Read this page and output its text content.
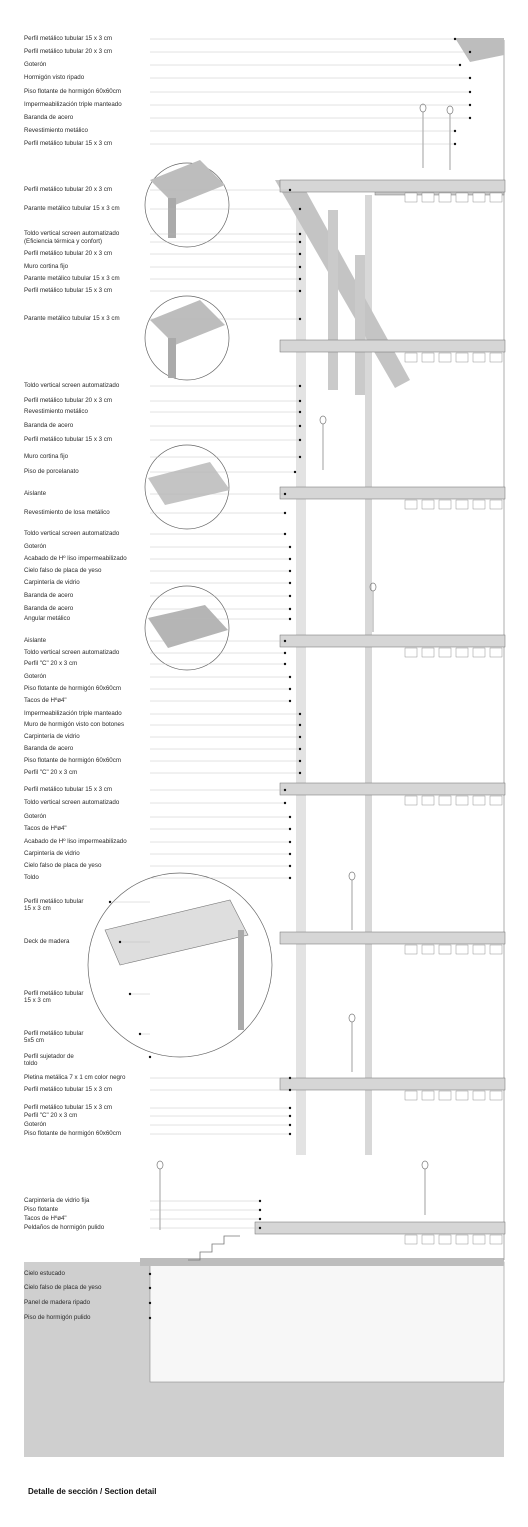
Perfil metálico tubular 15 x 3 cm
Perfil metálico tubular 20 x 3 cm
Goterón
Hormigón visto ripado
Piso flotante de hormigón 60x60cm
Impermeabilización triple manteado
Baranda de acero
Revestimiento metálico
Perfil metálico tubular 15 x 3 cm
Perfil metálico tubular 20 x 3 cm
Parante metálico tubular 15 x 3 cm
Toldo vertical screen automatizado
(Eficiencia térmica y confort)
Perfil metálico tubular 20 x 3 cm
Muro cortina fijo
Parante metálico tubular 15 x 3 cm
Perfil metálico tubular 15 x 3 cm
Parante metálico tubular 15 x 3 cm
Toldo vertical screen automatizado
Perfil metálico tubular 20 x 3 cm
Revestimiento metálico
Baranda de acero
Perfil metálico tubular 15 x 3 cm
Muro cortina fijo
Piso de porcelanato
Aislante
Revestimiento de losa metálico
Toldo vertical screen automatizado
Goterón
Acabado de Hº liso impermeabilizado
Cielo falso de placa de yeso
Carpintería de vidrio
Baranda de acero
Baranda de acero
Angular metálico
Aislante
Toldo vertical screen automatizado
Perfil "C" 20 x 3 cm
Goterón
Piso flotante de hormigón 60x60cm
Tacos de Hºø4"
Impermeabilización triple manteado
Muro de hormigón visto con botones
Carpintería de vidrio
Baranda de acero
Piso flotante de hormigón 60x60cm
Perfil "C" 20 x 3 cm
Perfil metálico tubular 15 x 3 cm
Toldo vertical screen automatizado
Goterón
Tacos de Hºø4"
Acabado de Hº liso impermeabilizado
Carpintería de vidrio
Cielo falso de placa de yeso
Toldo
Perfil metálico tubular 15 x 3 cm
Deck de madera
Perfil metálico tubular 15 x 3 cm
Perfil metálico tubular 5x5 cm
Perfil sujetador de toldo
Pletina metálica 7 x 1 cm color negro
Perfil metálico tubular 15 x 3 cm
Perfil metálico tubular 15 x 3 cm
Perfil "C" 20 x 3 cm
Goterón
Piso flotante de hormigón 60x60cm
Carpintería de vidrio fija
Piso flotante
Tacos de Hºø4"
Peldaños de hormigón pulido
Cielo estucado
Cielo falso de placa de yeso
Panel de madera ripado
Piso de hormigón pulido
Detalle de sección / Section detail
